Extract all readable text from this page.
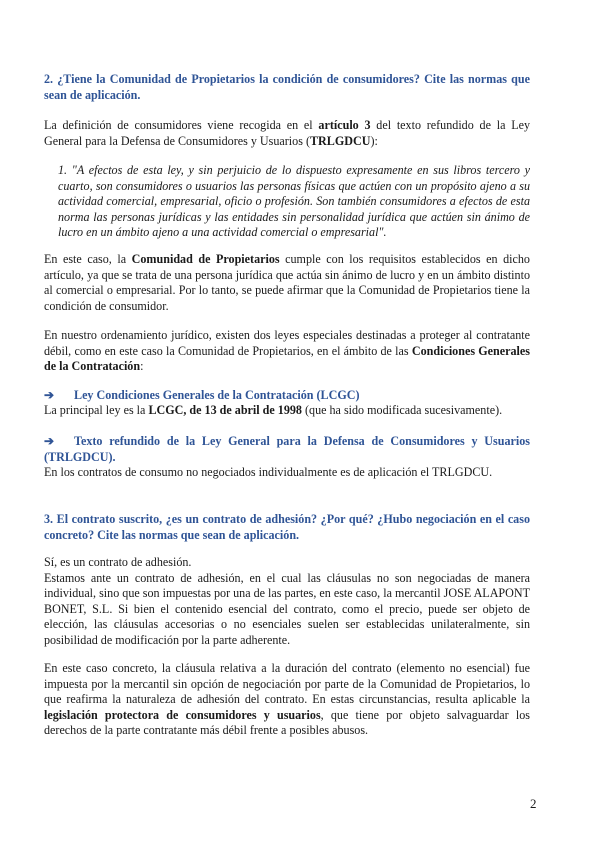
2. ¿Tiene la Comunidad de Propietarios la condición de consumidores? Cite las normas que sean de aplicación.

La definición de consumidores viene recogida en el artículo 3 del texto refundido de la Ley General para la Defensa de Consumidores y Usuarios (TRLGDCU):

1. "A efectos de esta ley, y sin perjuicio de lo dispuesto expresamente en sus libros tercero y cuarto, son consumidores o usuarios las personas físicas que actúen con un propósito ajeno a su actividad comercial, empresarial, oficio o profesión. Son también consumidores a efectos de esta norma las personas jurídicas y las entidades sin personalidad jurídica que actúen sin ánimo de lucro en un ámbito ajeno a una actividad comercial o empresarial".

En este caso, la Comunidad de Propietarios cumple con los requisitos establecidos en dicho artículo, ya que se trata de una persona jurídica que actúa sin ánimo de lucro y en un ámbito distinto al comercial o empresarial. Por lo tanto, se puede afirmar que la Comunidad de Propietarios tiene la condición de consumidor.

En nuestro ordenamiento jurídico, existen dos leyes especiales destinadas a proteger al contratante débil, como en este caso la Comunidad de Propietarios, en el ámbito de las Condiciones Generales de la Contratación:

➔ Ley Condiciones Generales de la Contratación (LCGC)

La principal ley es la LCGC, de 13 de abril de 1998 (que ha sido modificada sucesivamente).

➔ Texto refundido de la Ley General para la Defensa de Consumidores y Usuarios (TRLGDCU).

En los contratos de consumo no negociados individualmente es de aplicación el TRLGDCU.

3. El contrato suscrito, ¿es un contrato de adhesión? ¿Por qué? ¿Hubo negociación en el caso concreto? Cite las normas que sean de aplicación.

Sí, es un contrato de adhesión.
Estamos ante un contrato de adhesión, en el cual las cláusulas no son negociadas de manera individual, sino que son impuestas por una de las partes, en este caso, la mercantil JOSE ALAPONT BONET, S.L. Si bien el contenido esencial del contrato, como el precio, puede ser objeto de elección, las cláusulas accesorias o no esenciales suelen ser establecidas unilateralmente, sin posibilidad de modificación por la parte adherente.

En este caso concreto, la cláusula relativa a la duración del contrato (elemento no esencial) fue impuesta por la mercantil sin opción de negociación por parte de la Comunidad de Propietarios, lo que reafirma la naturaleza de adhesión del contrato. En estas circunstancias, resulta aplicable la legislación protectora de consumidores y usuarios, que tiene por objeto salvaguardar los derechos de la parte contratante más débil frente a posibles abusos.

2
